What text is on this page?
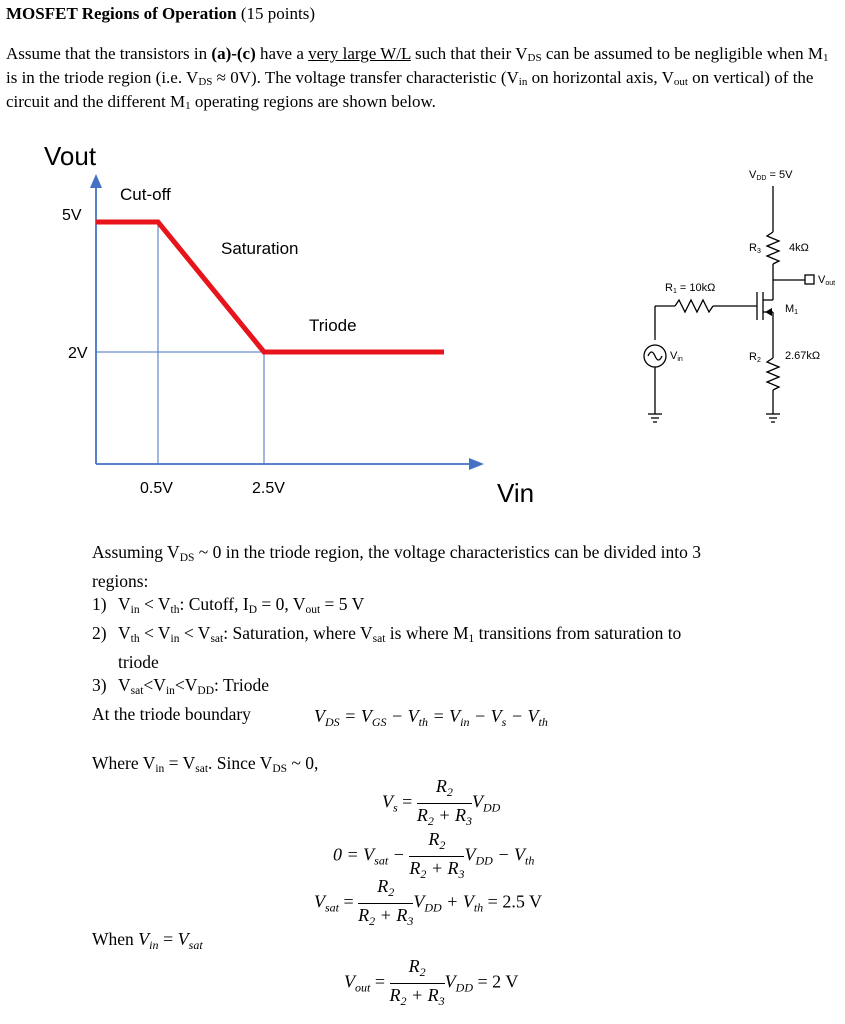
MOSFET Regions of Operation (15 points)
Assume that the transistors in (a)-(c) have a very large W/L such that their $V_{DS}$ can be assumed to be negligible when $M_1$ is in the triode region (i.e. $V_{DS} \approx 0V$). The voltage transfer characteristic ($V_{in}$ on horizontal axis, $V_{out}$ on vertical) of the circuit and the different $M_1$ operating regions are shown below.
Vout
Vin
5V
2V
0.5V	2.5V
Cut-off
Saturation
Triode
VDD = 5V
R3	4kΩ
Vout
R1 = 10kΩ
M1
Vin	R2 2.67kΩ
Assuming $V_{DS}$ ~ 0 in the triode region, the voltage characteristics can be divided into 3
regions:
1) $V_{in} < V_{th}$: Cutoff, $I_D = 0$, $V_{out} = 5$ V
2) $V_{th} < V_{in} < V_{sat}$: Saturation, where $V_{sat}$ is where $M_1$ transitions from saturation to
triode
3) $V_{sat}<V_{in}<V_{DD}$: Triode
At the triode boundary	$V_{DS} = V_{GS} - V_{th} = V_{in} - V_s - V_{th}$
Where $V_{in} = V_{sat}$. Since $V_{DS}$ ~ 0,
$V_s = \frac{R_2}{R_2 + R_3} V_{DD}$
$0 = V_{sat} - \frac{R_2}{R_2 + R_3} V_{DD} - V_{th}$
$V_{sat} = \frac{R_2}{R_2 + R_3} V_{DD} + V_{th} = 2.5$ V
When $V_{in} = V_{sat}$
$V_{out} = \frac{R_2}{R_2 + R_3} V_{DD} = 2$ V
